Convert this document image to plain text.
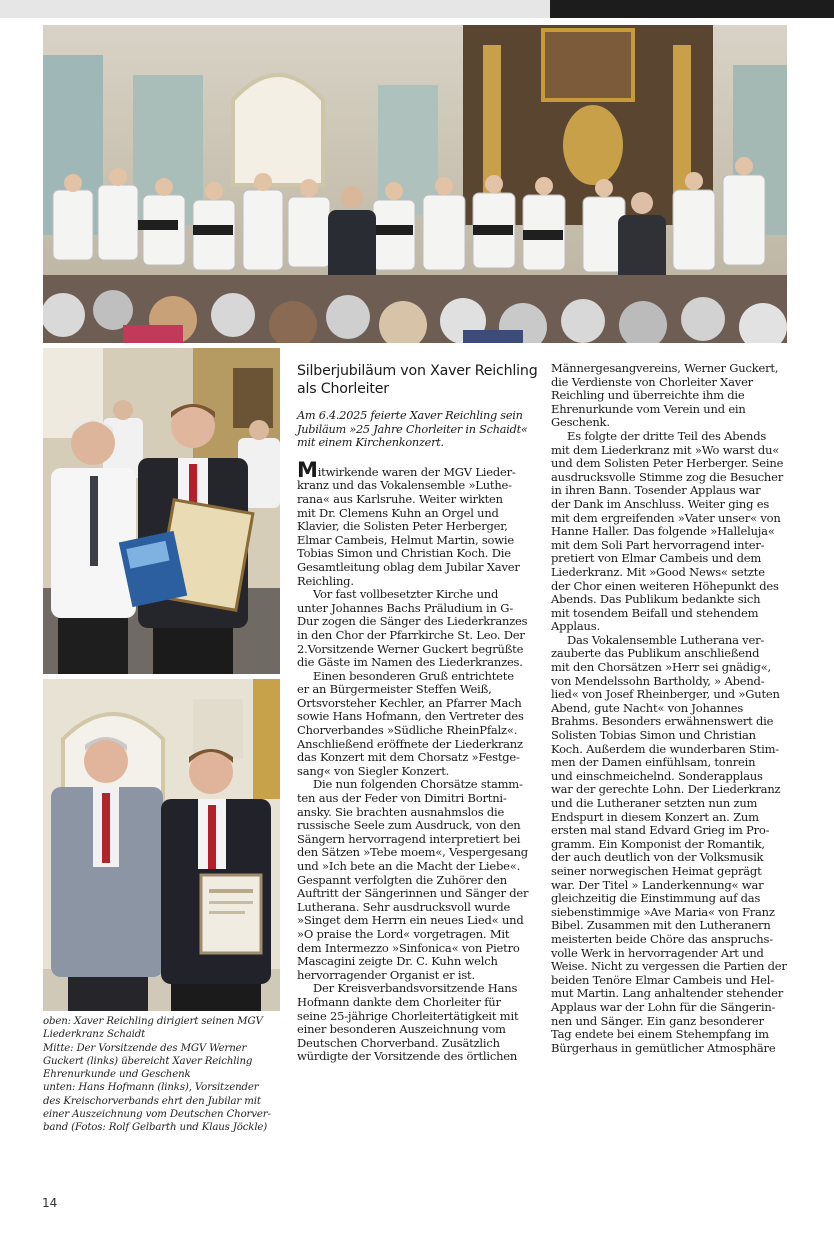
oben: Xaver Reichling dirigiert seinen MGV
Liederkranz Schaidt
Mitte: Der Vorsitzende des MGV Werner
Guckert (links) übereicht Xaver Reichling
Ehrenurkunde und Geschenk
unten: Hans Hofmann (links), Vorsitzender
des Kreischorverbands ehrt den Jubilar mit
einer Auszeichnung vom Deutschen Chorver-
band (Fotos: Rolf Gelbarth und Klaus Jöckle)
Silberjubiläum von Xaver Reichling
als Chorleiter
Am 6.4.2025 feierte Xaver Reichling sein
Jubiläum »25 Jahre Chorleiter in Schaidt«
mit einem Kirchenkonzert.
Mitwirkende waren der MGV Lieder-
kranz und das Vokalensemble »Luthe-
rana« aus Karlsruhe. Weiter wirkten
mit Dr. Clemens Kuhn an Orgel und
Klavier, die Solisten Peter Herberger,
Elmar Cambeis, Helmut Martin, sowie
Tobias Simon und Christian Koch. Die
Gesamtleitung oblag dem Jubilar Xaver
Reichling.
Vor fast vollbesetzter Kirche und
unter Johannes Bachs Präludium in G-
Dur zogen die Sänger des Liederkranzes
in den Chor der Pfarrkirche St. Leo. Der
2.Vorsitzende Werner Guckert begrüßte
die Gäste im Namen des Liederkranzes.
Einen besonderen Gruß entrichtete
er an Bürgermeister Steffen Weiß,
Ortsvorsteher Kechler, an Pfarrer Mach
sowie Hans Hofmann, den Vertreter des
Chorverbandes »Südliche RheinPfalz«.
Anschließend eröffnete der Liederkranz
das Konzert mit dem Chorsatz »Festge-
sang« von Siegler Konzert.
Die nun folgenden Chorsätze stamm-
ten aus der Feder von Dimitri Bortni-
ansky. Sie brachten ausnahmslos die
russische Seele zum Ausdruck, von den
Sängern hervorragend interpretiert bei
den Sätzen »Tebe moem«, Vespergesang
und »Ich bete an die Macht der Liebe«.
Gespannt verfolgten die Zuhörer den
Auftritt der Sängerinnen und Sänger der
Lutherana. Sehr ausdrucksvoll wurde
»Singet dem Herrn ein neues Lied« und
»O praise the Lord« vorgetragen. Mit
dem Intermezzo »Sinfonica« von Pietro
Mascagini zeigte Dr. C. Kuhn welch
hervorragender Organist er ist.
Der Kreisverbandsvorsitzende Hans
Hofmann dankte dem Chorleiter für
seine 25-jährige Chorleitertätigkeit mit
einer besonderen Auszeichnung vom
Deutschen Chorverband. Zusätzlich
würdigte der Vorsitzende des örtlichen
Männergesangvereins, Werner Guckert,
die Verdienste von Chorleiter Xaver
Reichling und überreichte ihm die
Ehrenurkunde vom Verein und ein
Geschenk.
Es folgte der dritte Teil des Abends
mit dem Liederkranz mit »Wo warst du«
und dem Solisten Peter Herberger. Seine
ausdrucksvolle Stimme zog die Besucher
in ihren Bann. Tosender Applaus war
der Dank im Anschluss. Weiter ging es
mit dem ergreifenden »Vater unser« von
Hanne Haller. Das folgende »Halleluja«
mit dem Soli Part hervorragend inter-
pretiert von Elmar Cambeis und dem
Liederkranz. Mit »Good News« setzte
der Chor einen weiteren Höhepunkt des
Abends. Das Publikum bedankte sich
mit tosendem Beifall und stehendem
Applaus.
Das Vokalensemble Lutherana ver-
zauberte das Publikum anschließend
mit den Chorsätzen »Herr sei gnädig«,
von Mendelssohn Bartholdy, » Abend-
lied« von Josef Rheinberger, und »Guten
Abend, gute Nacht« von Johannes
Brahms. Besonders erwähnenswert die
Solisten Tobias Simon und Christian
Koch. Außerdem die wunderbaren Stim-
men der Damen einfühlsam, tonrein
und einschmeichelnd. Sonderapplaus
war der gerechte Lohn. Der Liederkranz
und die Lutheraner setzten nun zum
Endspurt in diesem Konzert an. Zum
ersten mal stand Edvard Grieg im Pro-
gramm. Ein Komponist der Romantik,
der auch deutlich von der Volksmusik
seiner norwegischen Heimat geprägt
war. Der Titel » Landerkennung« war
gleichzeitig die Einstimmung auf das
siebenstimmige »Ave Maria« von Franz
Bibel. Zusammen mit den Lutheranern
meisterten beide Chöre das anspruchs-
volle Werk in hervorragender Art und
Weise. Nicht zu vergessen die Partien der
beiden Tenöre Elmar Cambeis und Hel-
mut Martin. Lang anhaltender stehender
Applaus war der Lohn für die Sängerin-
nen und Sänger. Ein ganz besonderer
Tag endete bei einem Stehempfang im
Bürgerhaus in gemütlicher Atmosphäre
14
